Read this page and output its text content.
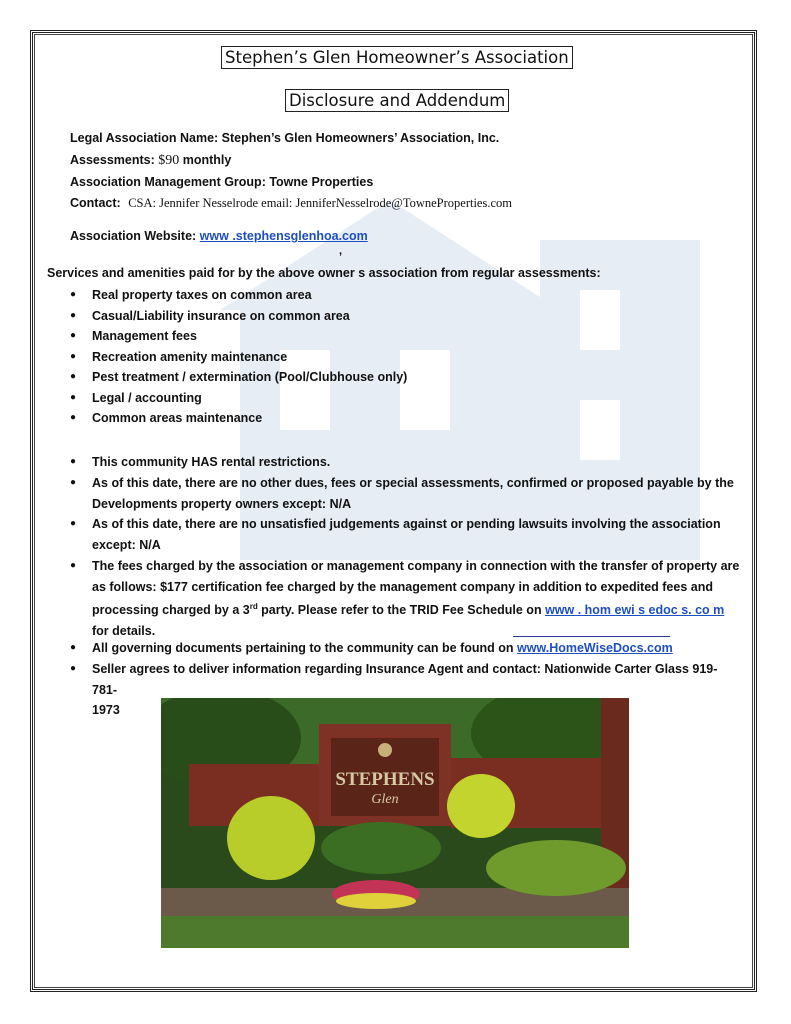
Stephen’s Glen Homeowner’s Association
Disclosure and Addendum
Legal Association Name: Stephen’s Glen Homeowners’ Association, Inc.
Assessments: $90 monthly
Association Management Group: Towne Properties
Contact: CSA: Jennifer Nesselrode email: JenniferNesselrode@TowneProperties.com
Association Website: www .stephensglenhoa.com
,
Services and amenities paid for by the above owner s association from regular assessments:
● Real property taxes on common area
● Casual/Liability insurance on common area
● Management fees
● Recreation amenity maintenance
● Pest treatment / extermination (Pool/Clubhouse only)
● Legal / accounting
● Common areas maintenance
● This community HAS rental restrictions.
● As of this date, there are no other dues, fees or special assessments, confirmed or proposed payable by the
Developments property owners except: N/A
● As of this date, there are no unsatisfied judgements against or pending lawsuits involving the association
except: N/A
● The fees charged by the association or management company in connection with the transfer of property are
as follows: $177 certification fee charged by the management company in addition to expedited fees and
processing charged by a 3rd party. Please refer to the TRID Fee Schedule on www . hom ewi s edoc s. co m
for details.
● All governing documents pertaining to the community can be found on www.HomeWiseDocs.com
● Seller agrees to deliver information regarding Insurance Agent and contact: Nationwide Carter Glass 919-781-
1973
STEPHENS
Glen
